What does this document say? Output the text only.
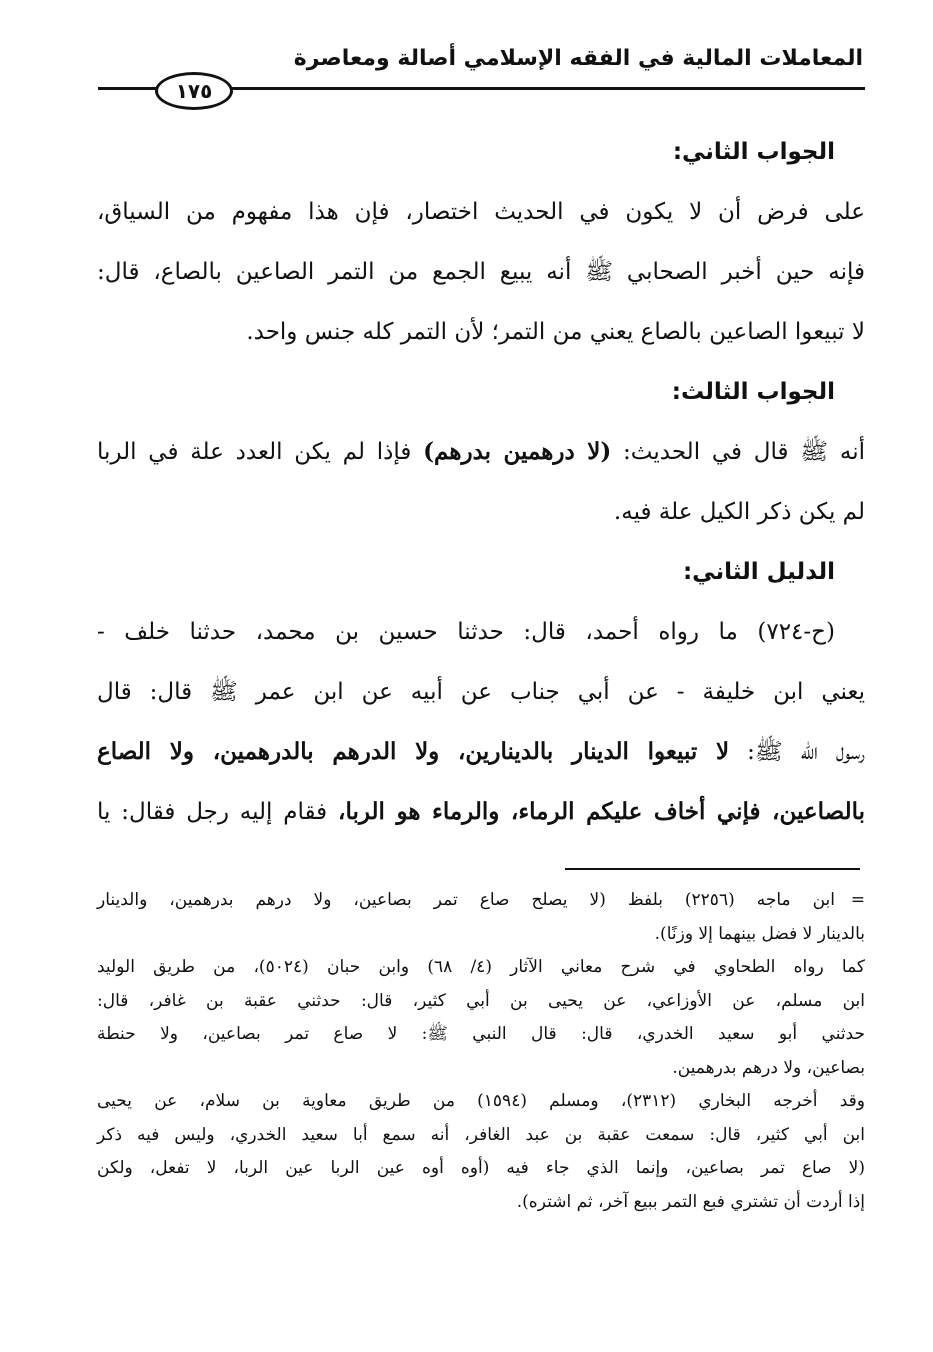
المعاملات المالية في الفقه الإسلامي أصالة ومعاصرة
١٧٥
الجواب الثاني:
على فرض أن لا يكون في الحديث اختصار، فإن هذا مفهوم من السياق،
فإنه حين أخبر الصحابي ﷺ أنه يبيع الجمع من التمر الصاعين بالصاع، قال:
لا تبيعوا الصاعين بالصاع يعني من التمر؛ لأن التمر كله جنس واحد.
الجواب الثالث:
أنه ﷺ قال في الحديث: (لا درهمين بدرهم) فإذا لم يكن العدد علة في الربا
لم يكن ذكر الكيل علة فيه.
الدليل الثاني:
(ح-٧٢٤) ما رواه أحمد، قال: حدثنا حسين بن محمد، حدثنا خلف -
يعني ابن خليفة - عن أبي جناب عن أبيه عن ابن عمر ﷺ قال: قال
رسول الله ﷺ: لا تبيعوا الدينار بالدينارين، ولا الدرهم بالدرهمين، ولا الصاع
بالصاعين، فإني أخاف عليكم الرماء، والرماء هو الربا، فقام إليه رجل فقال: يا
=
ابن ماجه (٢٢٥٦) بلفظ (لا يصلح صاع تمر بصاعين، ولا درهم بدرهمين، والدينار
بالدينار لا فضل بينهما إلا وزنًا).
كما رواه الطحاوي في شرح معاني الآثار (٤/ ٦٨) وابن حبان (٥٠٢٤)، من طريق الوليد
ابن مسلم، عن الأوزاعي، عن يحيى بن أبي كثير، قال: حدثني عقبة بن غافر، قال:
حدثني أبو سعيد الخدري، قال: قال النبي ﷺ: لا صاع تمر بصاعين، ولا حنطة
بصاعين، ولا درهم بدرهمين.
وقد أخرجه البخاري (٢٣١٢)، ومسلم (١٥٩٤) من طريق معاوية بن سلام، عن يحيى
ابن أبي كثير، قال: سمعت عقبة بن عبد الغافر، أنه سمع أبا سعيد الخدري، وليس فيه ذكر
(لا صاع تمر بصاعين، وإنما الذي جاء فيه (أوه أوه عين الربا عين الربا، لا تفعل، ولكن
إذا أردت أن تشتري فبع التمر ببيع آخر، ثم اشتره).
